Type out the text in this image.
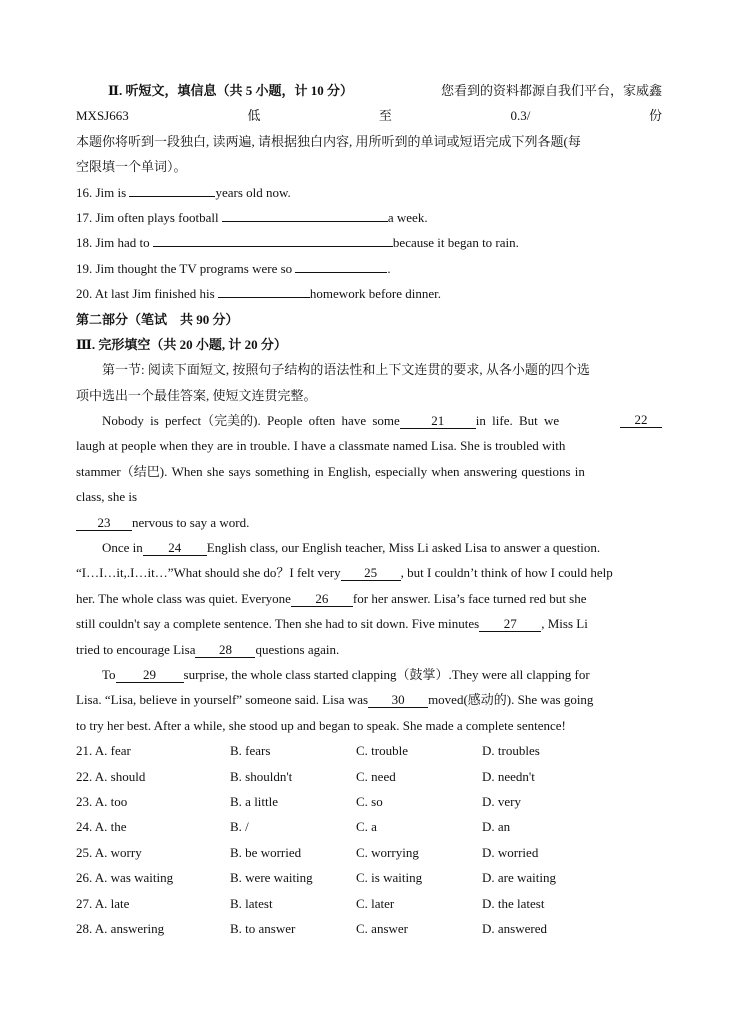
Ⅱ. 听短文，填信息（共 5 小题，计 10 分）	您看到的资料都源自我们平台，家威鑫
MXSJ663	低	至	0.3/	份
本题你将听到一段独白, 读两遍, 请根据独白内容, 用所听到的单词或短语完成下列各题(每
空限填一个单词）。
16. Jim is	years old now.
17. Jim often plays football	a week.
18. Jim had to	because it began to rain.
19. Jim thought the TV programs were so	.
20. At last Jim finished his	homework before dinner.
第二部分（笔试　共 90 分）
Ⅲ. 完形填空（共 20 小题, 计 20 分）
第一节: 阅读下面短文, 按照句子结构的语法性和上下文连贯的要求, 从各小题的四个选
项中选出一个最佳答案, 使短文连贯完整。
Nobody is perfect（完美的). People often have some 21 in life. But we	22
laugh at people when they are in trouble. I have a classmate named Lisa. She is troubled with
stammer（结巴). When she says something in English, especially when answering questions in
class, she is
23 nervous to say a word.
Once in 24 English class, our English teacher, Miss Li asked Lisa to answer a question.
“I…I…it,.I…it…”What should she do？I felt very 25 , but I couldn’t think of how I could help
her. The whole class was quiet. Everyone 26 for her answer. Lisa’s face turned red but she
still couldn't say a complete sentence. Then she had to sit down. Five minutes 27 , Miss Li
tried to encourage Lisa 28 questions again.
To 29 surprise, the whole class started clapping（鼓掌）.They were all clapping for
Lisa. “Lisa, believe in yourself” someone said. Lisa was 30 moved(感动的). She was going
to try her best. After a while, she stood up and began to speak. She made a complete sentence!
21. A. fear	B. fears	C. trouble	D. troubles
22. A. should	B. shouldn't	C. need	D. needn't
23. A. too	B. a little	C. so	D. very
24. A. the	B. /	C. a	D. an
25. A. worry	B. be worried	C. worrying	D. worried
26. A. was waiting	B. were waiting	C. is waiting	D. are waiting
27. A. late	B. latest	C. later	D. the latest
28. A. answering	B. to answer	C. answer	D. answered
